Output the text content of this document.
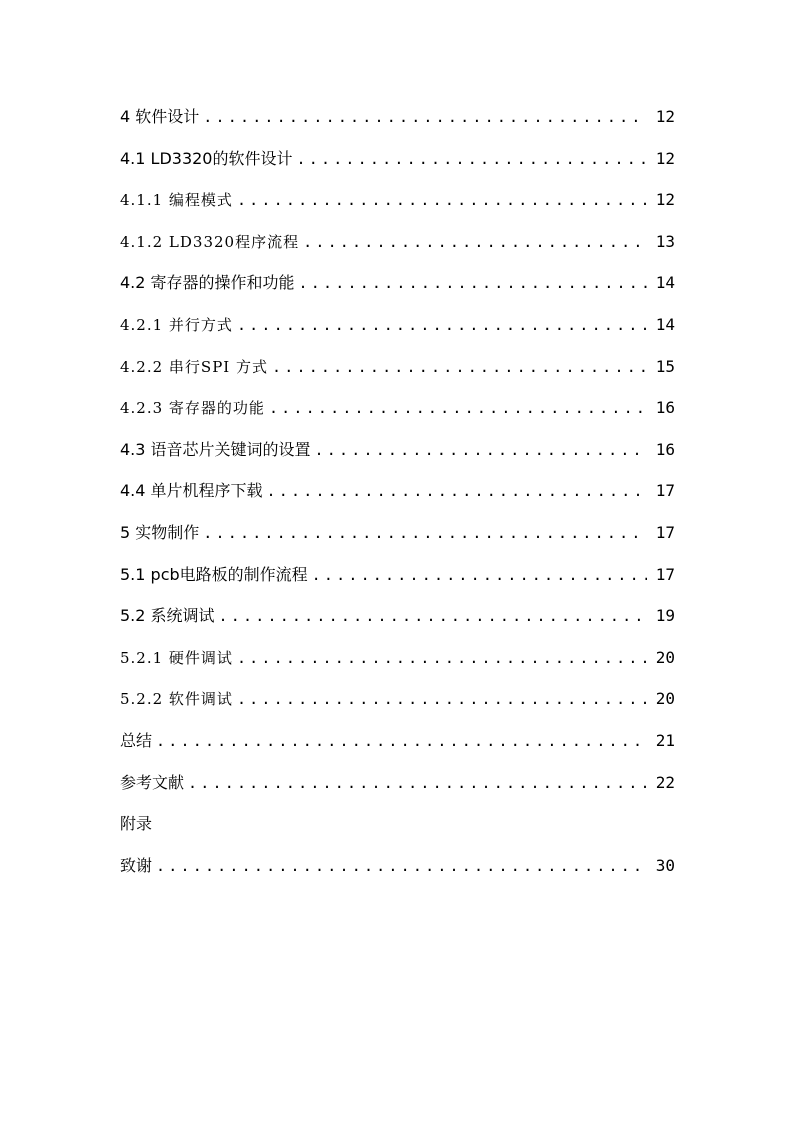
4 软件设计 .....	12
4.1 LD3320的软件设计 .....	12
4.1.1 编程模式 .....	12
4.1.2 LD3320程序流程 .....	13
4.2 寄存器的操作和功能 .....	14
4.2.1 并行方式 .....	14
4.2.2 串行SPI 方式 .....	15
4.2.3 寄存器的功能 .....	16
4.3 语音芯片关键词的设置 .....	16
4.4 单片机程序下载 .....	17
5 实物制作 .....	17
5.1 pcb电路板的制作流程 .....	17
5.2 系统调试 .....	19
5.2.1 硬件调试 .....	20
5.2.2 软件调试 .....	20
总结 .....	21
参考文献 .....	22
附录
致谢 .....	30
